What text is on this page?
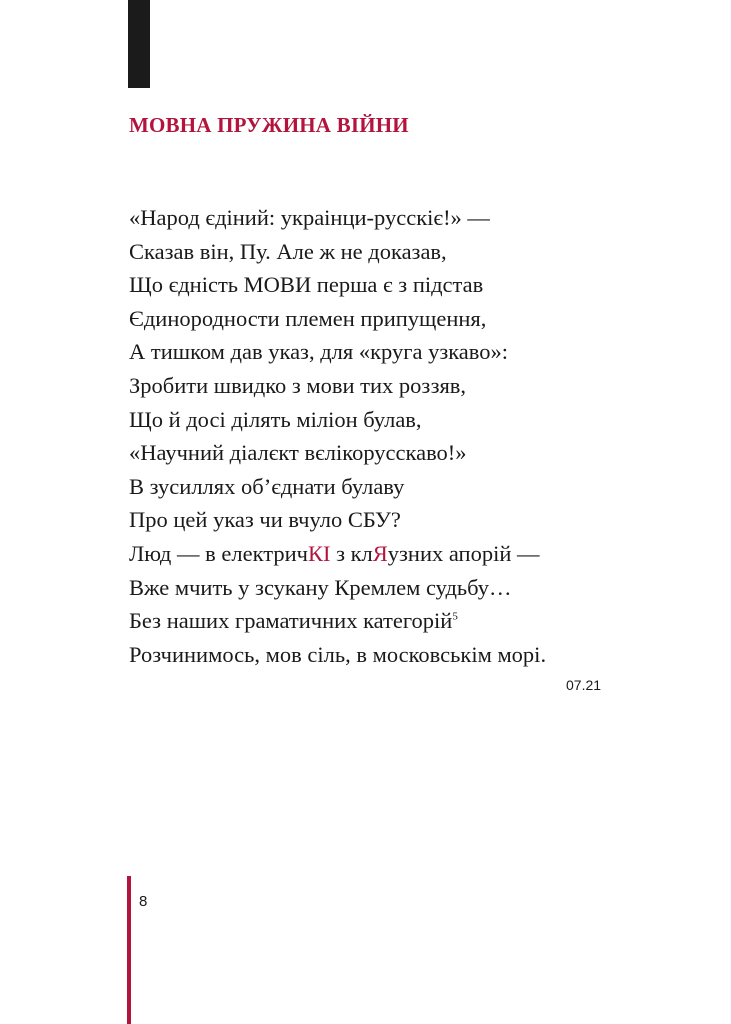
МОВНА ПРУЖИНА ВІЙНИ
«Народ єдіний: украінци-русскіє!» —
Сказав він, Пу. Але ж не доказав,
Що єдність МОВИ перша є з підстав
Єдинородности племен припущення,
А тишком дав указ, для «круга узкаво»:
Зробити швидко з мови тих роззяв,
Що й досі ділять міліон булав,
«Научний діалєкт вєлікорусскаво!»
В зусиллях об’єднати булаву
Про цей указ чи вчуло СБУ?
Люд — в електричКІ з клЯузних апорій —
Вже мчить у зсукану Кремлем судьбу…
Без наших граматичних категорій$^5$
Розчинимось, мов сіль, в московськім морі.
07.21
8
